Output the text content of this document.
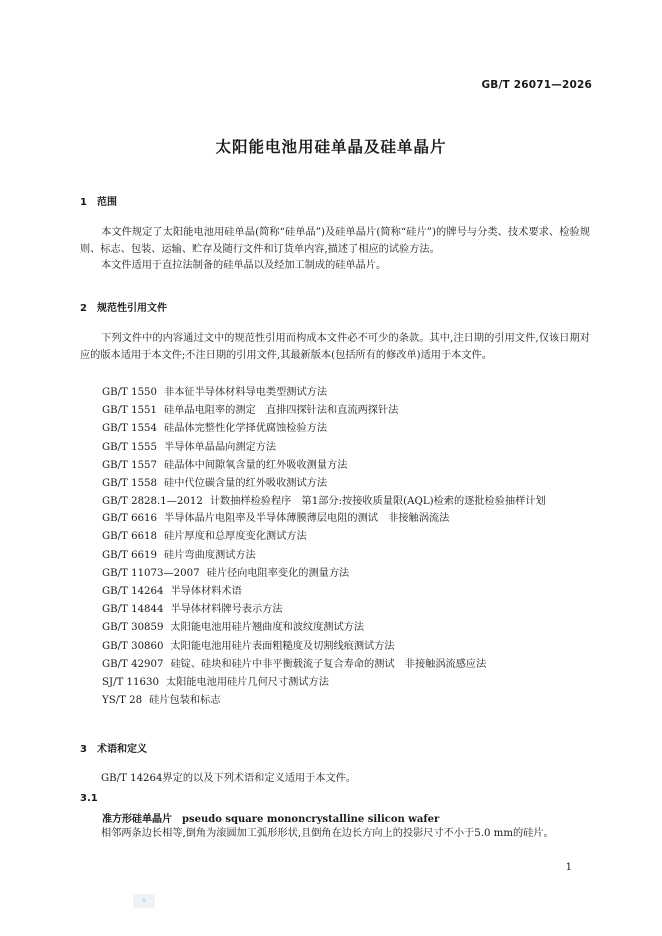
GB/T 26071—2026
太阳能电池用硅单晶及硅单晶片
1 范围
本文件规定了太阳能电池用硅单晶(简称“硅单晶”)及硅单晶片(简称“硅片”)的牌号与分类、技术要求、检验规则、标志、包装、运输、贮存及随行文件和订货单内容,描述了相应的试验方法。
本文件适用于直拉法制备的硅单晶以及经加工制成的硅单晶片。
2 规范性引用文件
下列文件中的内容通过文中的规范性引用而构成本文件必不可少的条款。其中,注日期的引用文件,仅该日期对应的版本适用于本文件;不注日期的引用文件,其最新版本(包括所有的修改单)适用于本文件。
GB/T 1550 非本征半导体材料导电类型测试方法
GB/T 1551 硅单晶电阻率的测定　直排四探针法和直流两探针法
GB/T 1554 硅晶体完整性化学择优腐蚀检验方法
GB/T 1555 半导体单晶晶向测定方法
GB/T 1557 硅晶体中间隙氧含量的红外吸收测量方法
GB/T 1558 硅中代位碳含量的红外吸收测试方法
GB/T 2828.1—2012 计数抽样检验程序　第1部分:按接收质量限(AQL)检索的逐批检验抽样计划
GB/T 6616 半导体晶片电阻率及半导体薄膜薄层电阻的测试　非接触涡流法
GB/T 6618 硅片厚度和总厚度变化测试方法
GB/T 6619 硅片弯曲度测试方法
GB/T 11073—2007 硅片径向电阻率变化的测量方法
GB/T 14264 半导体材料术语
GB/T 14844 半导体材料牌号表示方法
GB/T 30859 太阳能电池用硅片翘曲度和波纹度测试方法
GB/T 30860 太阳能电池用硅片表面粗糙度及切割线痕测试方法
GB/T 42907 硅锭、硅块和硅片中非平衡载流子复合寿命的测试　非接触涡流感应法
SJ/T 11630 太阳能电池用硅片几何尺寸测试方法
YS/T 28 硅片包装和标志
3 术语和定义
GB/T 14264界定的以及下列术语和定义适用于本文件。
3.1
准方形硅单晶片 pseudo square mononcrystalline silicon wafer
相邻两条边长相等,倒角为滚圆加工弧形形状,且倒角在边长方向上的投影尺寸不小于5.0 mm的硅片。
1
◆
